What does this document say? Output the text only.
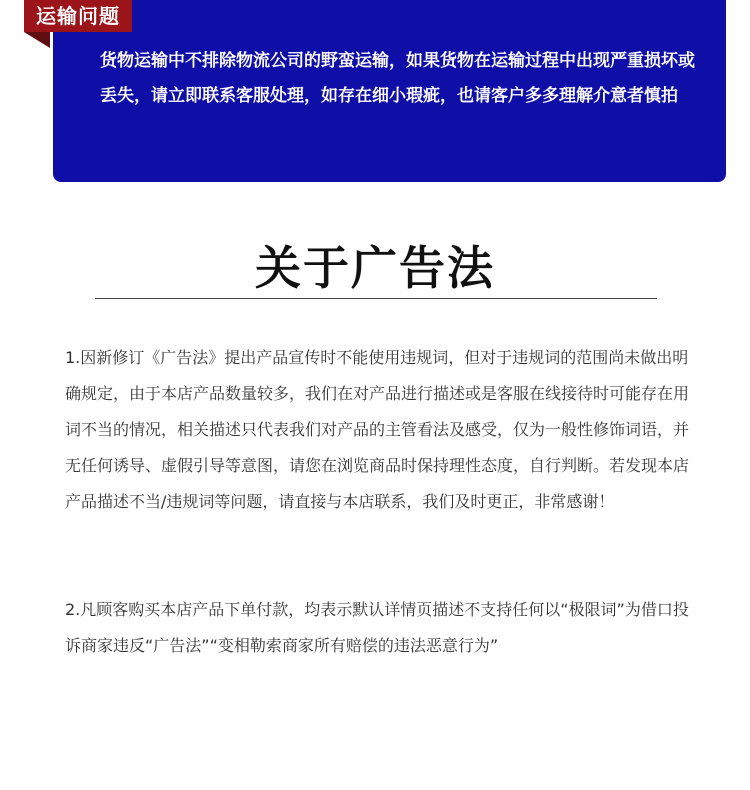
运输问题

货物运输中不排除物流公司的野蛮运输，如果货物在运输过程中出现严重损坏或丢失，请立即联系客服处理，如存在细小瑕疵，也请客户多多理解介意者慎拍

关于广告法

1.因新修订《广告法》提出产品宣传时不能使用违规词，但对于违规词的范围尚未做出明确规定，由于本店产品数量较多，我们在对产品进行描述或是客服在线接待时可能存在用词不当的情况，相关描述只代表我们对产品的主管看法及感受，仅为一般性修饰词语，并无任何诱导、虚假引导等意图，请您在浏览商品时保持理性态度，自行判断。若发现本店产品描述不当/违规词等问题，请直接与本店联系，我们及时更正，非常感谢！

2.凡顾客购买本店产品下单付款，均表示默认详情页描述不支持任何以“极限词”为借口投诉商家违反“广告法”“变相勒索商家所有赔偿的违法恶意行为”
